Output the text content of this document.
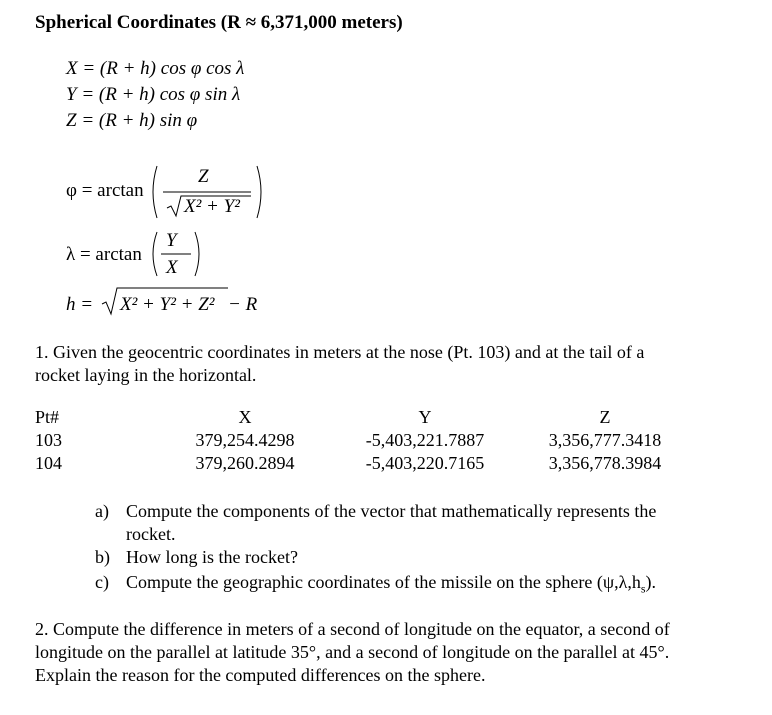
Spherical Coordinates (R ≈ 6,371,000 meters)
X = (R + h) cos φ cos λ
Y = (R + h) cos φ sin λ
Z = (R + h) sin φ
φ = arctan
Z
X² + Y²
λ = arctan
Y
X
h = X² + Y² + Z² − R
1. Given the geocentric coordinates in meters at the nose (Pt. 103) and at the tail of a
rocket laying in the horizontal.
Pt#	X	Y	Z
103	379,254.4298	-5,403,221.7887	3,356,777.3418
104	379,260.2894	-5,403,220.7165	3,356,778.3984
a) Compute the components of the vector that mathematically represents the
rocket.
b) How long is the rocket?
c) Compute the geographic coordinates of the missile on the sphere $(\psi,\lambda,h_s)$.
2. Compute the difference in meters of a second of longitude on the equator, a second of
longitude on the parallel at latitude 35°, and a second of longitude on the parallel at 45°.
Explain the reason for the computed differences on the sphere.
